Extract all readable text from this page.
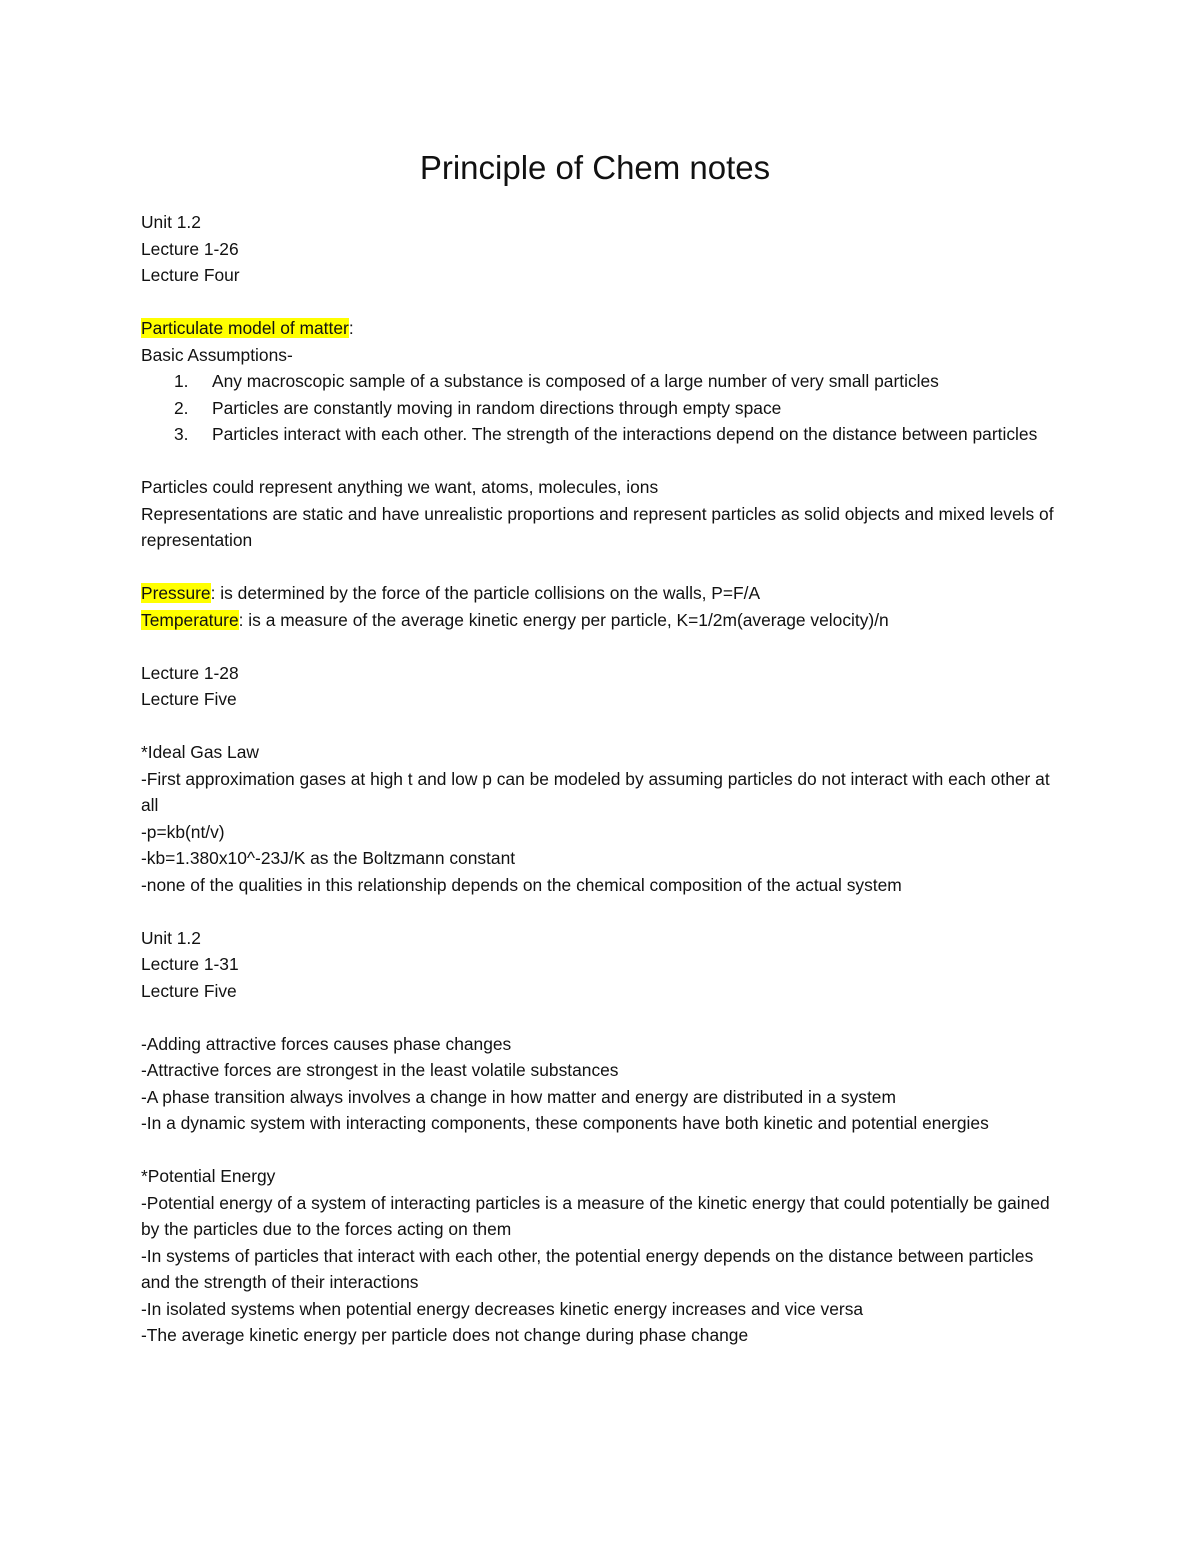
Principle of Chem notes

Unit 1.2

Lecture 1-26

Lecture Four

Particulate model of matter:

Basic Assumptions-

1. Any macroscopic sample of a substance is composed of a large number of very small particles
2. Particles are constantly moving in random directions through empty space
3. Particles interact with each other. The strength of the interactions depend on the distance between particles

Particles could represent anything we want, atoms, molecules, ions

Representations are static and have unrealistic proportions and represent particles as solid objects and mixed levels of representation

Pressure: is determined by the force of the particle collisions on the walls, P=F/A

Temperature: is a measure of the average kinetic energy per particle, K=1/2m(average velocity)/n

Lecture 1-28

Lecture Five

*Ideal Gas Law

-First approximation gases at high t and low p can be modeled by assuming particles do not interact with each other at all

-p=kb(nt/v)

-kb=1.380x10^-23J/K as the Boltzmann constant

-none of the qualities in this relationship depends on the chemical composition of the actual system

Unit 1.2

Lecture 1-31

Lecture Five

-Adding attractive forces causes phase changes

-Attractive forces are strongest in the least volatile substances

-A phase transition always involves a change in how matter and energy are distributed in a system

-In a dynamic system with interacting components, these components have both kinetic and potential energies

*Potential Energy

-Potential energy of a system of interacting particles is a measure of the kinetic energy that could potentially be gained by the particles due to the forces acting on them

-In systems of particles that interact with each other, the potential energy depends on the distance between particles and the strength of their interactions

-In isolated systems when potential energy decreases kinetic energy increases and vice versa

-The average kinetic energy per particle does not change during phase change
